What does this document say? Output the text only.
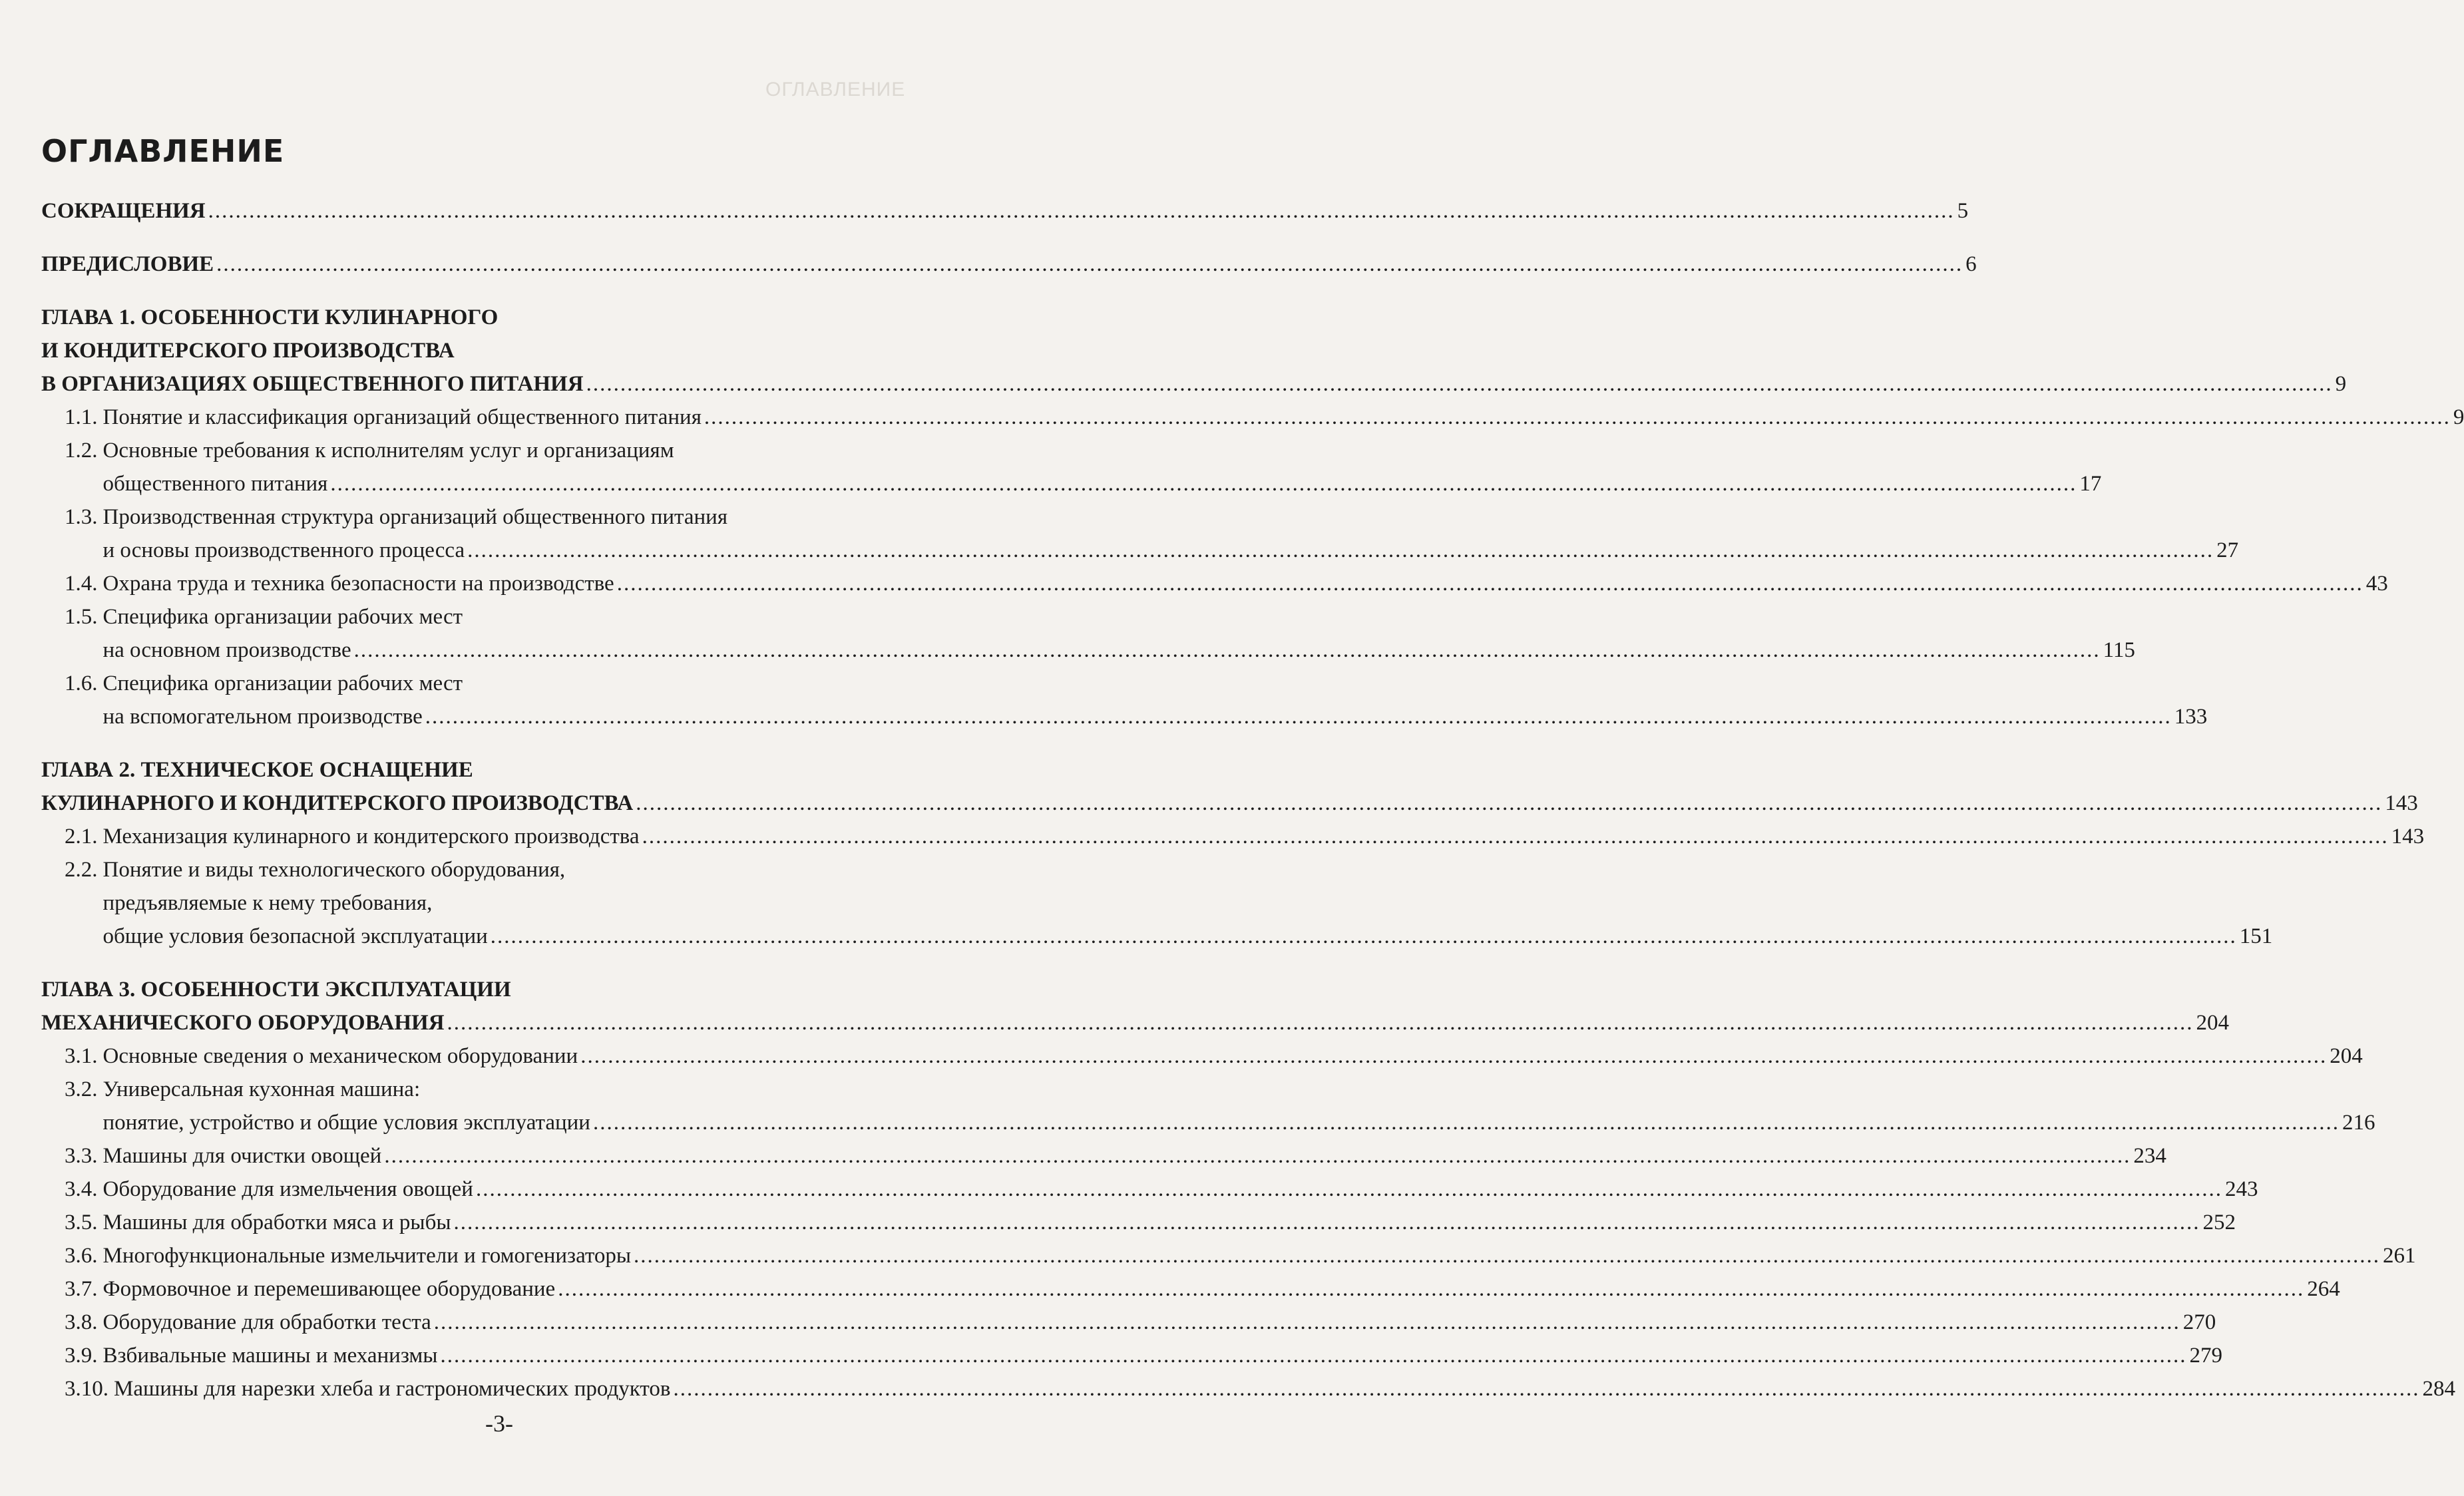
ОГЛАВЛЕНИЕ
ОГЛАВЛЕНИЕ
СОКРАЩЕНИЯ .....	5
ПРЕДИСЛОВИЕ .....	6
ГЛАВА 1. ОСОБЕННОСТИ КУЛИНАРНОГО
И КОНДИТЕРСКОГО ПРОИЗВОДСТВА
В ОРГАНИЗАЦИЯХ ОБЩЕСТВЕННОГО ПИТАНИЯ .....	9
1.1. Понятие и классификация организаций общественного питания .....	9
1.2. Основные требования к исполнителям услуг и организациям
общественного питания .....	17
1.3. Производственная структура организаций общественного питания
и основы производственного процесса .....	27
1.4. Охрана труда и техника безопасности на производстве .....	43
1.5. Специфика организации рабочих мест
на основном производстве .....	115
1.6. Специфика организации рабочих мест
на вспомогательном производстве .....	133
ГЛАВА 2. ТЕХНИЧЕСКОЕ ОСНАЩЕНИЕ
КУЛИНАРНОГО И КОНДИТЕРСКОГО ПРОИЗВОДСТВА .....	143
2.1. Механизация кулинарного и кондитерского производства .....	143
2.2. Понятие и виды технологического оборудования,
предъявляемые к нему требования,
общие условия безопасной эксплуатации .....	151
ГЛАВА 3. ОСОБЕННОСТИ ЭКСПЛУАТАЦИИ
МЕХАНИЧЕСКОГО ОБОРУДОВАНИЯ .....	204
3.1. Основные сведения о механическом оборудовании .....	204
3.2. Универсальная кухонная машина:
понятие, устройство и общие условия эксплуатации .....	216
3.3. Машины для очистки овощей .....	234
3.4. Оборудование для измельчения овощей .....	243
3.5. Машины для обработки мяса и рыбы .....	252
3.6. Многофункциональные измельчители и гомогенизаторы .....	261
3.7. Формовочное и перемешивающее оборудование .....	264
3.8. Оборудование для обработки теста .....	270
3.9. Взбивальные машины и механизмы .....	279
3.10. Машины для нарезки хлеба и гастрономических продуктов .....	284
-3-
